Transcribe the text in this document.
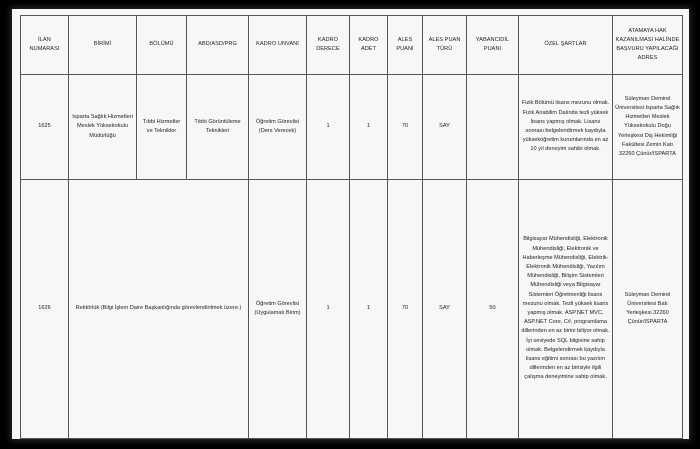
İLAN NUMARASI	BİRİMİ	BÖLÜMÜ	ABD/ASD/PRG	KADRO UNVANI	KADRO DERECE	KADRO ADET	ALES PUANI	ALES PUAN TÜRÜ	YABANCIDİL PUANI	ÖZEL ŞARTLAR	ATAMAYA HAK KAZANILMASI HALİNDE BAŞVURU YAPILACAĞI ADRES
1625	Isparta Sağlık Hizmetleri Meslek Yüksekokulu Müdürlüğü	Tıbbi Hizmetler ve Teknikler	Tıbbi Görüntüleme Teknikleri	Öğretim Görevlisi (Ders Verecek)	1	1	70	SAY		Fizik Bölümü lisans mezunu olmak. Fizik Anabilim Dalında tezli yüksek lisans yapmış olmak. Lisans sonrası belgelendirmek kaydıyla yükseköğretim kurumlarında en az 10 yıl deneyim sahibi olmak.	Süleyman Demirel Üniversitesi Isparta Sağlık Hizmetleri Meslek Yüksekokulu Doğu Yerleşkesi Diş Hekimliği Fakültesi Zemin Katı 32260 Çünür/ISPARTA
1626	Rektörlük (Bilgi İşlem Daire Başkanlığında görevlendirilmek üzere.)			Öğretim Görevlisi (Uygulamalı Birim)	1	1	70	SAY	50	Bilgisayar Mühendisliği, Elektronik Mühendisliği, Elektronik ve Haberleşme Mühendisliği, Elektrik-Elektronik Mühendisliği, Yazılım Mühendisliği, Bilişim Sistemleri Mühendisliği veya Bilgisayar Sistemleri Öğretmenliği lisans mezunu olmak. Tezli yüksek lisans yapmış olmak. ASP.NET MVC, ASP.NET Core, C#, programlama dillerinden en az birini biliyor olmak. İyi seviyede SQL bilgisine sahip olmak. Belgelendirmek kaydıyla lisans eğitimi sonrası bu yazılım dillerinden en az birisiyle ilgili çalışma deneyimine sahip olmak.	Süleyman Demirel Üniversitesi Batı Yerleşkesi 32260 Çünür/ISPARTA
